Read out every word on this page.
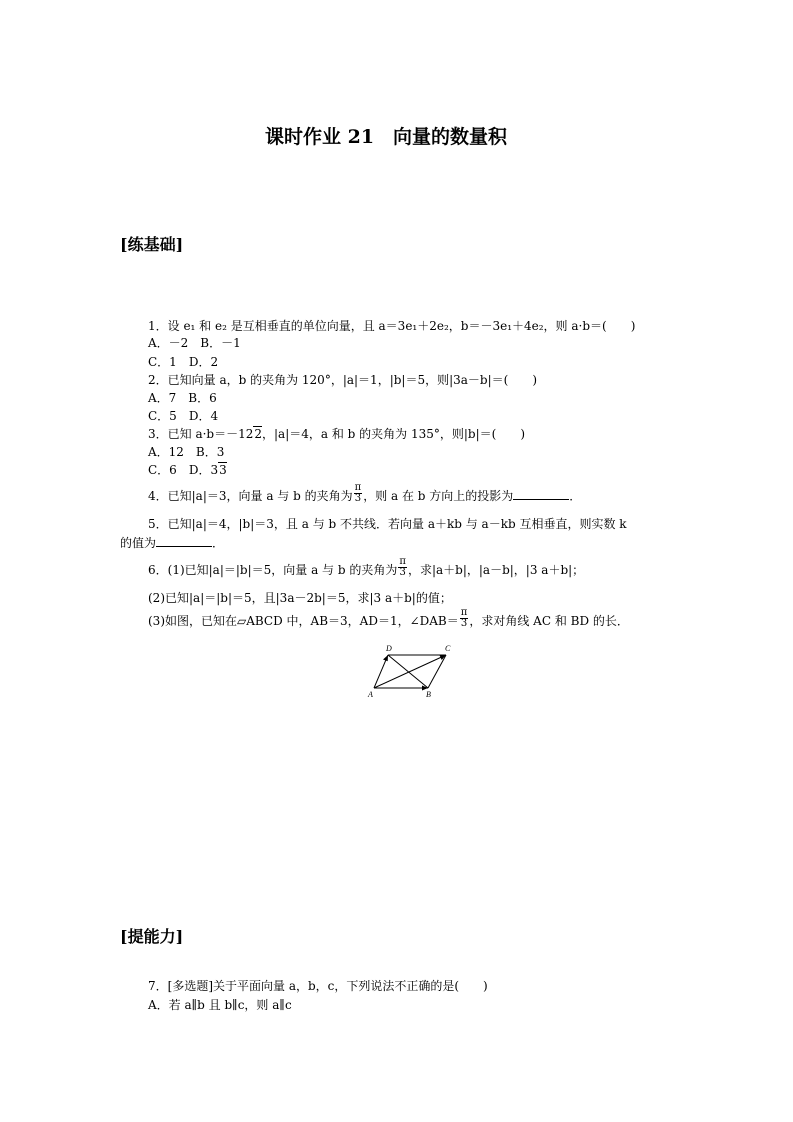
课时作业 21　向量的数量积
[练基础]
1．设 e₁ 和 e₂ 是互相垂直的单位向量，且 a＝3e₁＋2e₂，b＝－3e₁＋4e₂，则 a·b＝(　　)
A．－2　B．－1
C．1　D．2
2．已知向量 a，b 的夹角为 120°，|a|＝1，|b|＝5，则|3a－b|＝(　　)
A．7　B．6
C．5　D．4
3．已知 a·b＝－122，|a|＝4，a 和 b 的夹角为 135°，则|b|＝(　　)
A．12　B．3
C．6　D．33
4．已知|a|＝3，向量 a 与 b 的夹角为 $\frac{\pi}{3}$ ，则 a 在 b 方向上的投影为	．
5．已知|a|＝4，|b|＝3，且 a 与 b 不共线．若向量 a＋kb 与 a－kb 互相垂直，则实数 k
的值为	．
6．(1)已知|a|＝|b|＝5，向量 a 与 b 的夹角为 $\frac{\pi}{3}$ ，求|a＋b|，|a－b|，|3 a＋b|；
(2)已知|a|＝|b|＝5，且|3a－2b|＝5，求|3 a＋b|的值；
(3)如图，已知在▱ABCD 中，AB＝3，AD＝1，∠DAB＝ $\frac{\pi}{3}$ ，求对角线 AC 和 BD 的长．
A	B
C
D
[提能力]
7．[多选题]关于平面向量 a，b，c，下列说法不正确的是(　　)
A．若 a∥b 且 b∥c，则 a∥c
